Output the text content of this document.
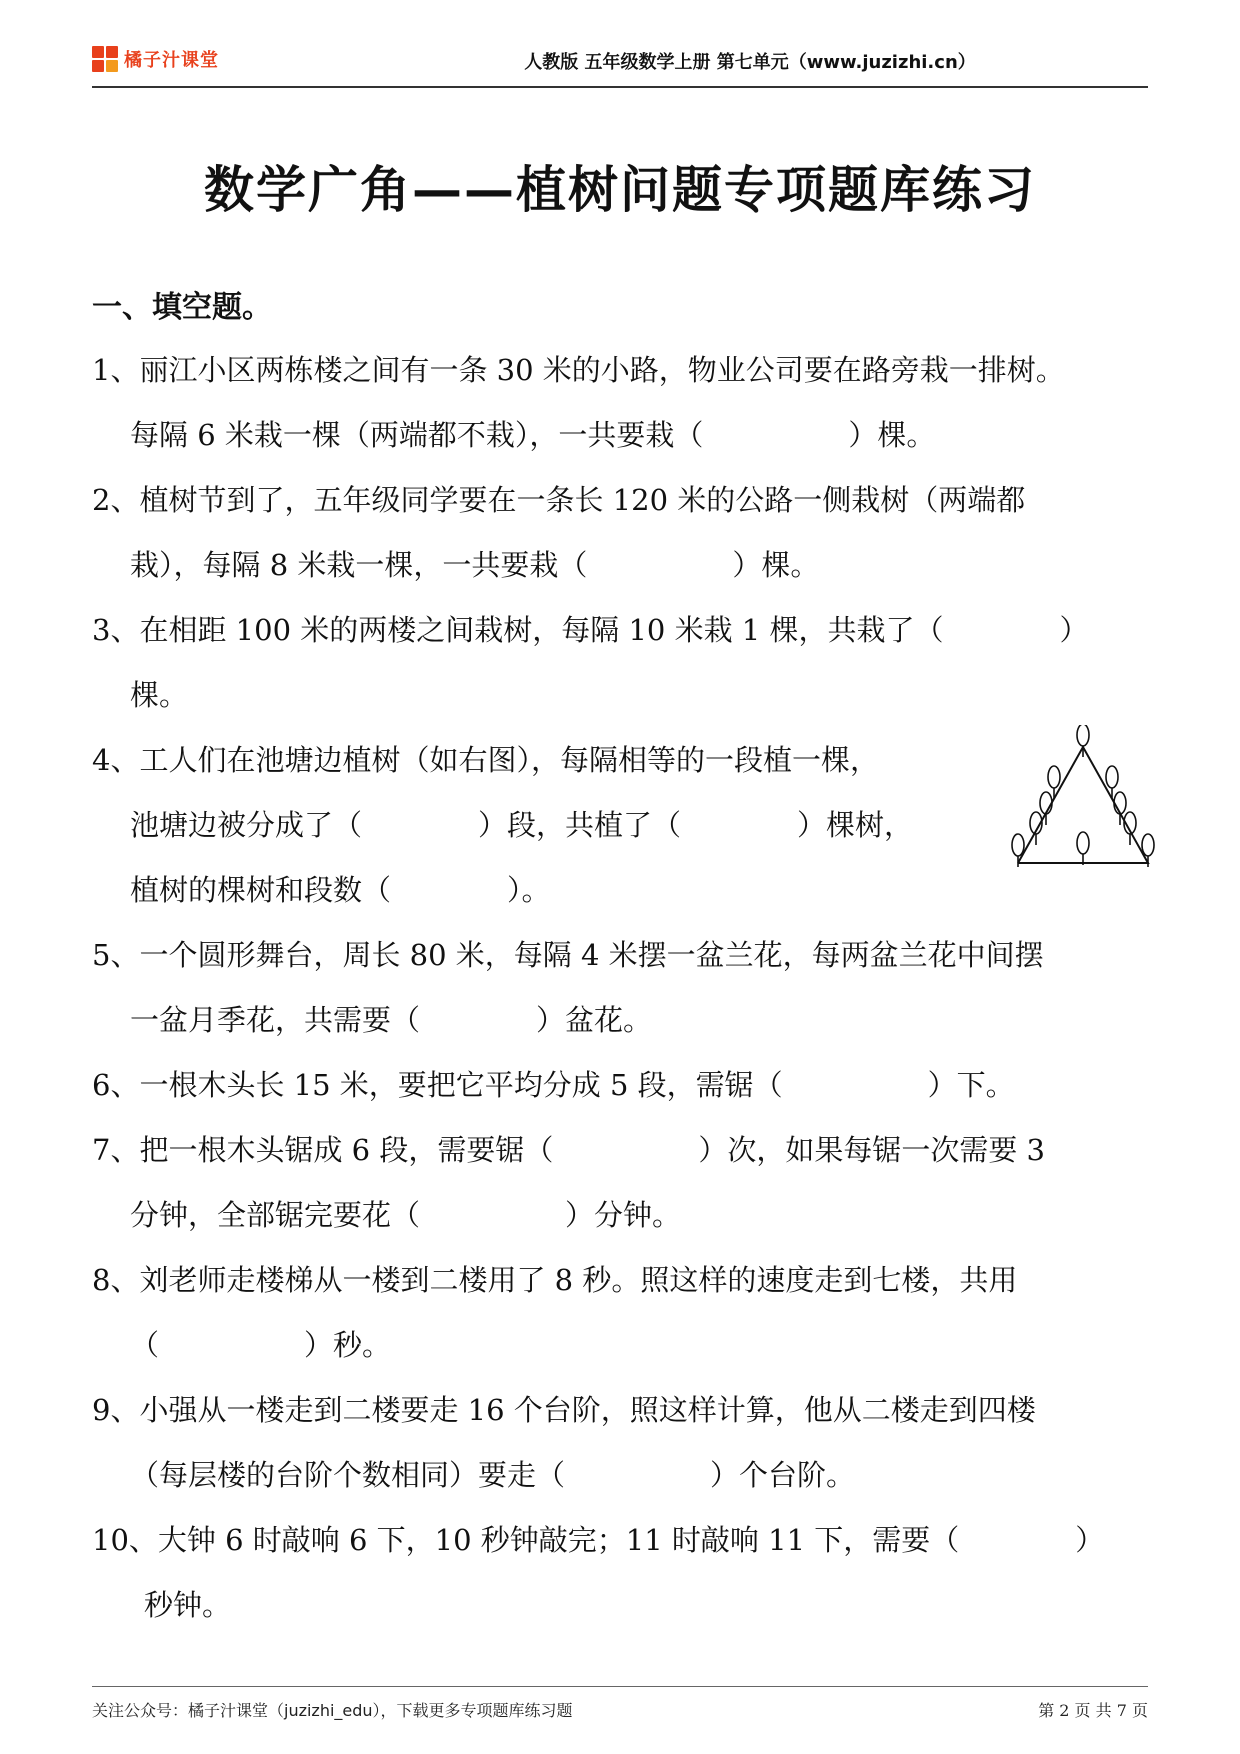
橘子汁课堂	人教版 五年级数学上册 第七单元（www.juzizhi.cn）
数学广角——植树问题专项题库练习
一、填空题。
1、丽江小区两栋楼之间有一条 30 米的小路，物业公司要在路旁栽一排树。
每隔 6 米栽一棵（两端都不栽），一共要栽（　　　　　）棵。
2、植树节到了，五年级同学要在一条长 120 米的公路一侧栽树（两端都
栽），每隔 8 米栽一棵，一共要栽（　　　　　）棵。
3、在相距 100 米的两楼之间栽树，每隔 10 米栽 1 棵，共栽了（　　　　）
棵。
4、工人们在池塘边植树（如右图），每隔相等的一段植一棵，
池塘边被分成了（　　　　）段，共植了（　　　　）棵树，
植树的棵树和段数（　　　　）。
5、一个圆形舞台，周长 80 米，每隔 4 米摆一盆兰花，每两盆兰花中间摆
一盆月季花，共需要（　　　　）盆花。
6、一根木头长 15 米，要把它平均分成 5 段，需锯（　　　　　）下。
7、把一根木头锯成 6 段，需要锯（　　　　　）次，如果每锯一次需要 3
分钟，全部锯完要花（　　　　　）分钟。
8、刘老师走楼梯从一楼到二楼用了 8 秒。照这样的速度走到七楼，共用
（　　　　　）秒。
9、小强从一楼走到二楼要走 16 个台阶，照这样计算，他从二楼走到四楼
（每层楼的台阶个数相同）要走（　　　　　）个台阶。
10、大钟 6 时敲响 6 下，10 秒钟敲完；11 时敲响 11 下，需要（　　　　）
秒钟。
关注公众号：橘子汁课堂（juzizhi_edu），下载更多专项题库练习题	第 2 页 共 7 页
